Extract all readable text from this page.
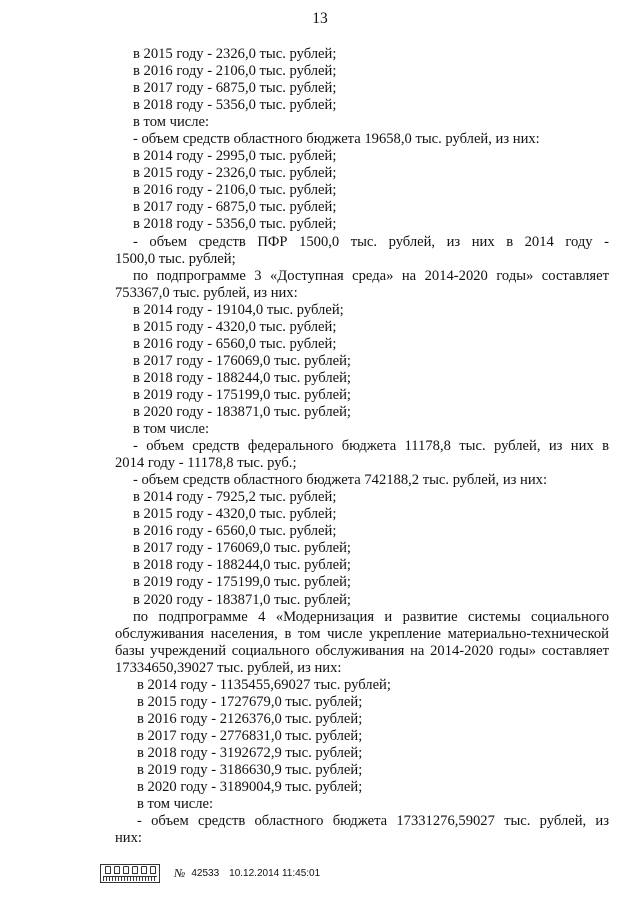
13
в 2015 году - 2326,0 тыс. рублей;
в 2016 году - 2106,0 тыс. рублей;
в 2017 году - 6875,0 тыс. рублей;
в 2018 году - 5356,0 тыс. рублей;
в том числе:
- объем средств областного бюджета 19658,0 тыс. рублей, из них:
в 2014 году - 2995,0 тыс. рублей;
в 2015 году - 2326,0 тыс. рублей;
в 2016 году - 2106,0 тыс. рублей;
в 2017 году - 6875,0 тыс. рублей;
в 2018 году - 5356,0 тыс. рублей;
- объем средств ПФР 1500,0 тыс. рублей, из них в 2014 году -
1500,0 тыс. рублей;
по подпрограмме 3 «Доступная среда» на 2014-2020 годы» составляет
753367,0 тыс. рублей, из них:
в 2014 году - 19104,0 тыс. рублей;
в 2015 году - 4320,0 тыс. рублей;
в 2016 году - 6560,0 тыс. рублей;
в 2017 году - 176069,0 тыс. рублей;
в 2018 году - 188244,0 тыс. рублей;
в 2019 году - 175199,0 тыс. рублей;
в 2020 году - 183871,0 тыс. рублей;
в том числе:
- объем средств федерального бюджета 11178,8 тыс. рублей, из них в
2014 году - 11178,8 тыс. руб.;
- объем средств областного бюджета 742188,2 тыс. рублей, из них:
в 2014 году - 7925,2 тыс. рублей;
в 2015 году - 4320,0 тыс. рублей;
в 2016 году - 6560,0 тыс. рублей;
в 2017 году - 176069,0 тыс. рублей;
в 2018 году - 188244,0 тыс. рублей;
в 2019 году - 175199,0 тыс. рублей;
в 2020 году - 183871,0 тыс. рублей;
по подпрограмме 4 «Модернизация и развитие системы социального
обслуживания населения, в том числе укрепление материально-технической
базы учреждений социального обслуживания на 2014-2020 годы» составляет
17334650,39027 тыс. рублей, из них:
в 2014 году - 1135455,69027 тыс. рублей;
в 2015 году - 1727679,0 тыс. рублей;
в 2016 году - 2126376,0 тыс. рублей;
в 2017 году - 2776831,0 тыс. рублей;
в 2018 году - 3192672,9 тыс. рублей;
в 2019 году - 3186630,9 тыс. рублей;
в 2020 году - 3189004,9 тыс. рублей;
в том числе:
- объем средств областного бюджета 17331276,59027 тыс. рублей, из
них:
№ 42533 10.12.2014 11:45:01
